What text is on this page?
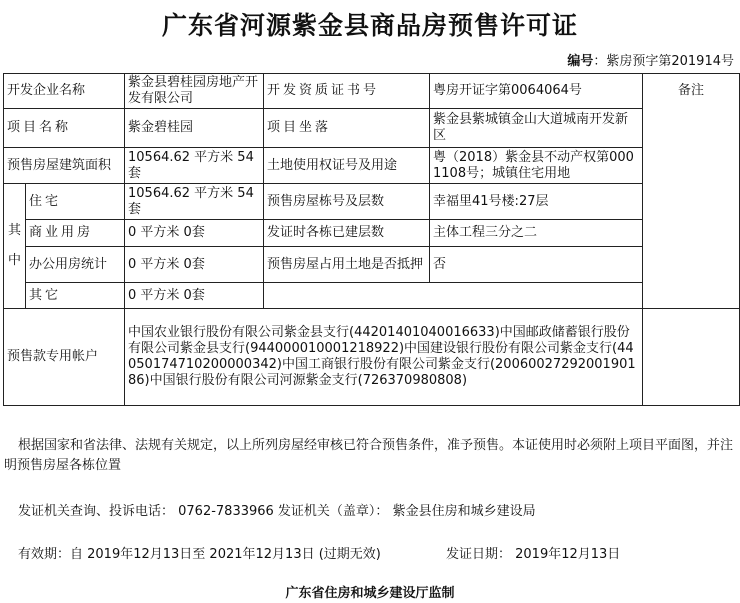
广东省河源紫金县商品房预售许可证
编号：紫房预字第201914号
开发企业名称		紫金县碧桂园房地产开发有限公司	开发资质证书号	粤房开证字第0064064号	备注
项目名称		紫金碧桂园	项目坐落	紫金县紫城镇金山大道城南开发新区	
预售房屋建筑面积		10564.62 平方米 54套	土地使用权证号及用途	粤（2018）紫金县不动产权第0001108号；城镇住宅用地	

其
中	住宅	10564.62 平方米 54套	预售房屋栋号及层数	幸福里41号楼:27层	
	商业用房	0 平方米 0套	发证时各栋已建层数	主体工程三分之二	
	办公用房统计	0 平方米 0套	预售房屋占用土地是否抵押	否	
	其它	0 平方米 0套			
预售款专用帐户		中国农业银行股份有限公司紫金县支行(44201401040016633)中国邮政储蓄银行股份有限公司紫金县支行(944000010001218922)中国建设银行股份有限公司紫金支行(44050174710200000342)中国工商银行股份有限公司紫金支行(2006002729200190186)中国银行股份有限公司河源紫金支行(726370980808)			
根据国家和省法律、法规有关规定，以上所列房屋经审核已符合预售条件，准予预售。本证使用时必须附上项目平面图，并注明预售房屋各栋位置
发证机关查询、投诉电话： 0762-7833966 发证机关（盖章）： 紫金县住房和城乡建设局
有效期：自 2019年12月13日至 2021年12月13日 (过期无效)	发证日期： 2019年12月13日
广东省住房和城乡建设厅监制
